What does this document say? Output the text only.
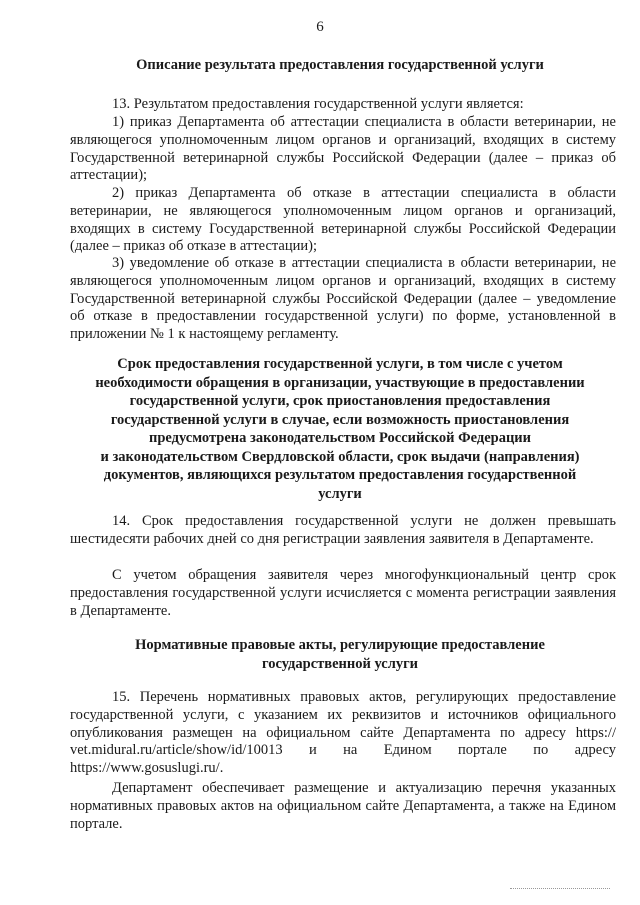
6
Описание результата предоставления государственной услуги
13. Результатом предоставления государственной услуги является:
1) приказ Департамента об аттестации специалиста в области ветеринарии, не являющегося уполномоченным лицом органов и организаций, входящих в систему Государственной ветеринарной службы Российской Федерации (далее – приказ об аттестации);
2) приказ Департамента об отказе в аттестации специалиста в области ветеринарии, не являющегося уполномоченным лицом органов и организаций, входящих в систему Государственной ветеринарной службы Российской Федерации (далее – приказ об отказе в аттестации);
3) уведомление об отказе в аттестации специалиста в области ветеринарии, не являющегося уполномоченным лицом органов и организаций, входящих в систему Государственной ветеринарной службы Российской Федерации (далее – уведомление об отказе в предоставлении государственной услуги) по форме, установленной в приложении № 1 к настоящему регламенту.
Срок предоставления государственной услуги, в том числе с учетом
необходимости обращения в организации, участвующие в предоставлении
государственной услуги, срок приостановления предоставления
государственной услуги в случае, если возможность приостановления
предусмотрена законодательством Российской Федерации
и законодательством Свердловской области, срок выдачи (направления)
документов, являющихся результатом предоставления государственной
услуги
14. Срок предоставления государственной услуги не должен превышать шестидесяти рабочих дней со дня регистрации заявления заявителя в Департаменте.
С учетом обращения заявителя через многофункциональный центр срок предоставления государственной услуги исчисляется с момента регистрации заявления в Департаменте.
Нормативные правовые акты, регулирующие предоставление
государственной услуги
15. Перечень нормативных правовых актов, регулирующих предоставление государственной услуги, с указанием их реквизитов и источников официального опубликования размещен на официальном сайте Департамента по адресу https:// vet.midural.ru/article/show/id/10013 и на Едином портале по адресу https://www.gosuslugi.ru/.
Департамент обеспечивает размещение и актуализацию перечня указанных нормативных правовых актов на официальном сайте Департамента, а также на Едином портале.
